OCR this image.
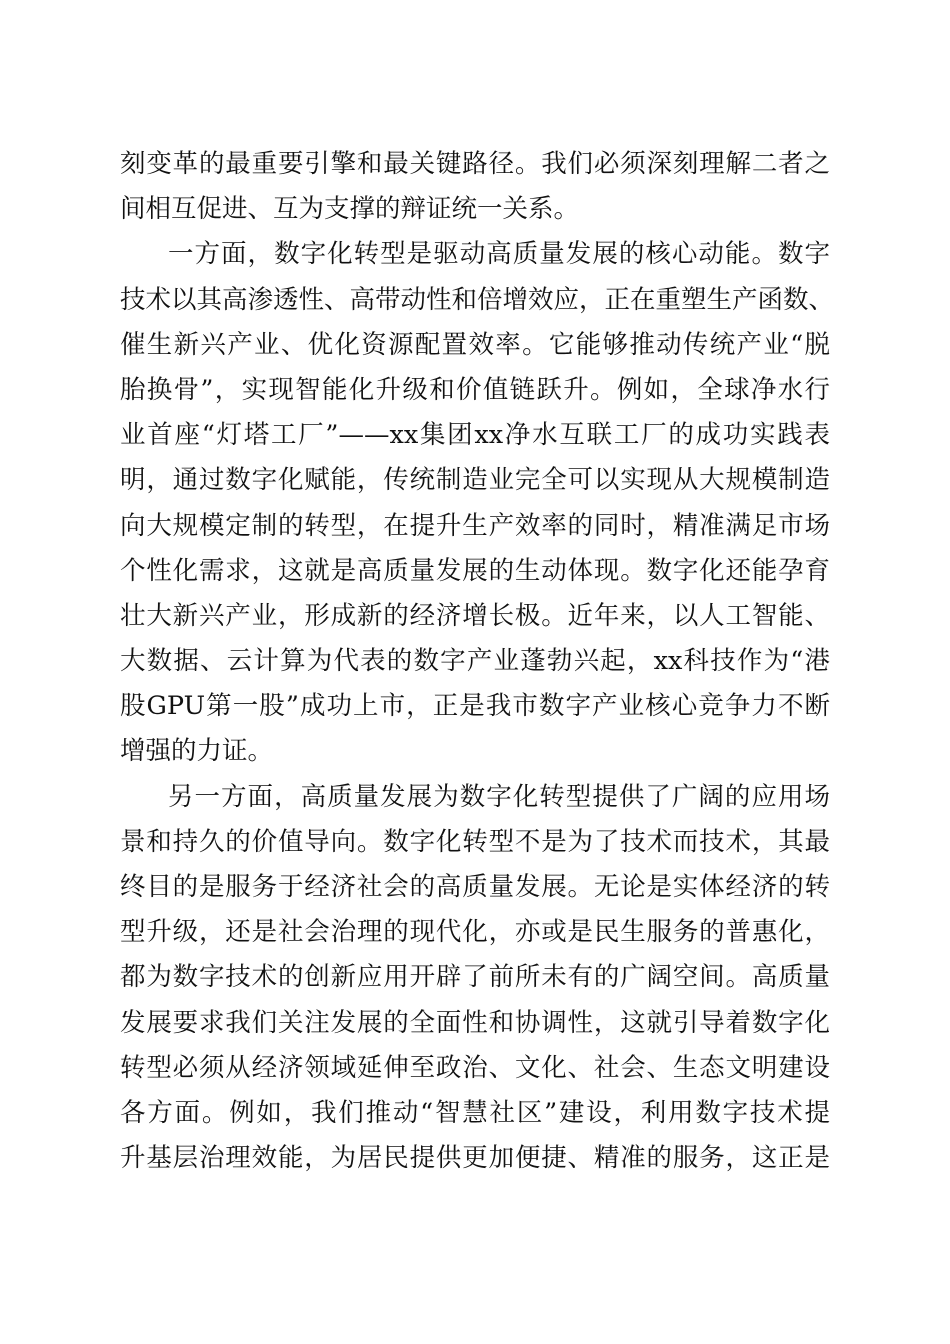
刻变革的最重要引擎和最关键路径。我们必须深刻理解二者之
间相互促进、互为支撑的辩证统一关系。
一方面，数字化转型是驱动高质量发展的核心动能。数字
技术以其高渗透性、高带动性和倍增效应，正在重塑生产函数、
催生新兴产业、优化资源配置效率。它能够推动传统产业“脱
胎换骨”，实现智能化升级和价值链跃升。例如，全球净水行
业首座“灯塔工厂”——xx集团xx净水互联工厂的成功实践表
明，通过数字化赋能，传统制造业完全可以实现从大规模制造
向大规模定制的转型，在提升生产效率的同时，精准满足市场
个性化需求，这就是高质量发展的生动体现。数字化还能孕育
壮大新兴产业，形成新的经济增长极。近年来，以人工智能、
大数据、云计算为代表的数字产业蓬勃兴起，xx科技作为“港
股GPU第一股”成功上市，正是我市数字产业核心竞争力不断
增强的力证。
另一方面，高质量发展为数字化转型提供了广阔的应用场
景和持久的价值导向。数字化转型不是为了技术而技术，其最
终目的是服务于经济社会的高质量发展。无论是实体经济的转
型升级，还是社会治理的现代化，亦或是民生服务的普惠化，
都为数字技术的创新应用开辟了前所未有的广阔空间。高质量
发展要求我们关注发展的全面性和协调性，这就引导着数字化
转型必须从经济领域延伸至政治、文化、社会、生态文明建设
各方面。例如，我们推动“智慧社区”建设，利用数字技术提
升基层治理效能，为居民提供更加便捷、精准的服务，这正是
